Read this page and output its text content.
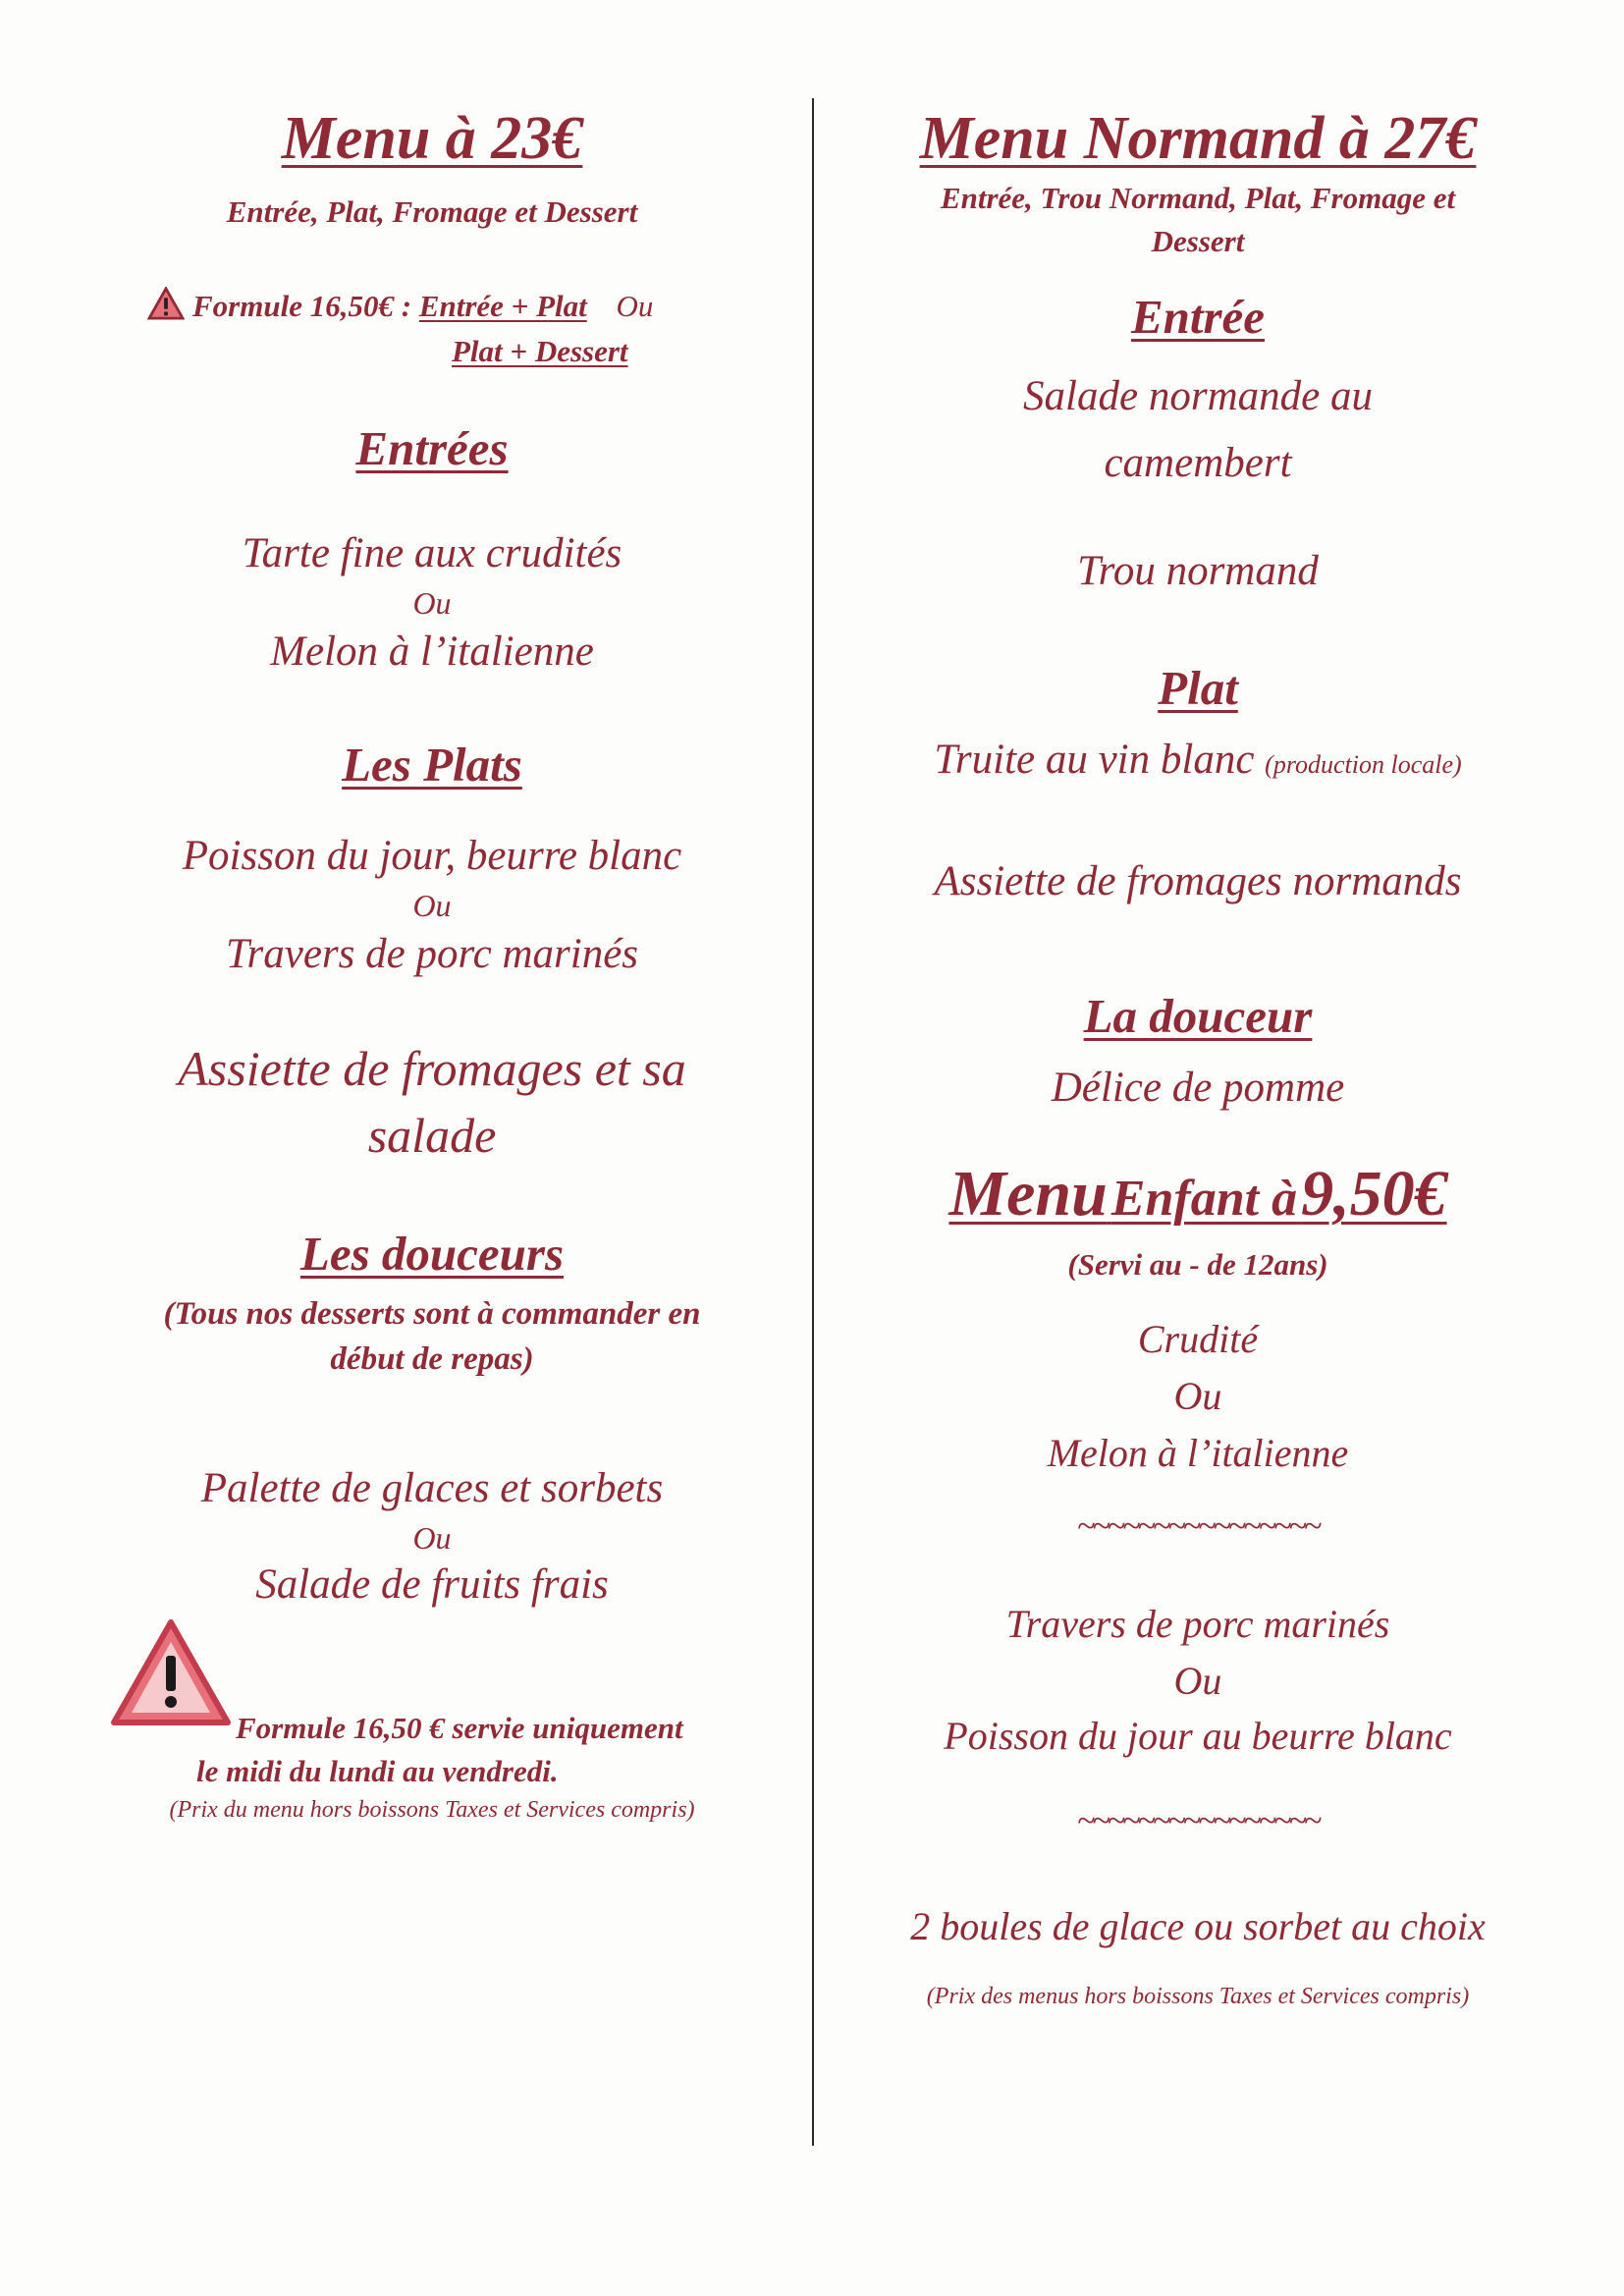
Menu à 23€
Entrée, Plat, Fromage et Dessert
Formule 16,50€ : Entrée + Plat Ou
Plat + Dessert
Entrées
Tarte fine aux crudités
Ou
Melon à l’italienne
Les Plats
Poisson du jour, beurre blanc
Ou
Travers de porc marinés
Assiette de fromages et sa
salade
Les douceurs
(Tous nos desserts sont à commander en
début de repas)
Palette de glaces et sorbets
Ou
Salade de fruits frais
Formule 16,50 € servie uniquement
le midi du lundi au vendredi.
(Prix du menu hors boissons Taxes et Services compris)
Menu Normand à 27€
Entrée, Trou Normand, Plat, Fromage et
Dessert
Entrée
Salade normande au
camembert
Trou normand
Plat
Truite au vin blanc (production locale)
Assiette de fromages normands
La douceur
Délice de pomme
Menu Enfant à 9,50€
(Servi au - de 12ans)
Crudité
Ou
Melon à l’italienne
~~~~~~~~~~~~~~~~
Travers de porc marinés
Ou
Poisson du jour au beurre blanc
~~~~~~~~~~~~~~~~
2 boules de glace ou sorbet au choix
(Prix des menus hors boissons Taxes et Services compris)
